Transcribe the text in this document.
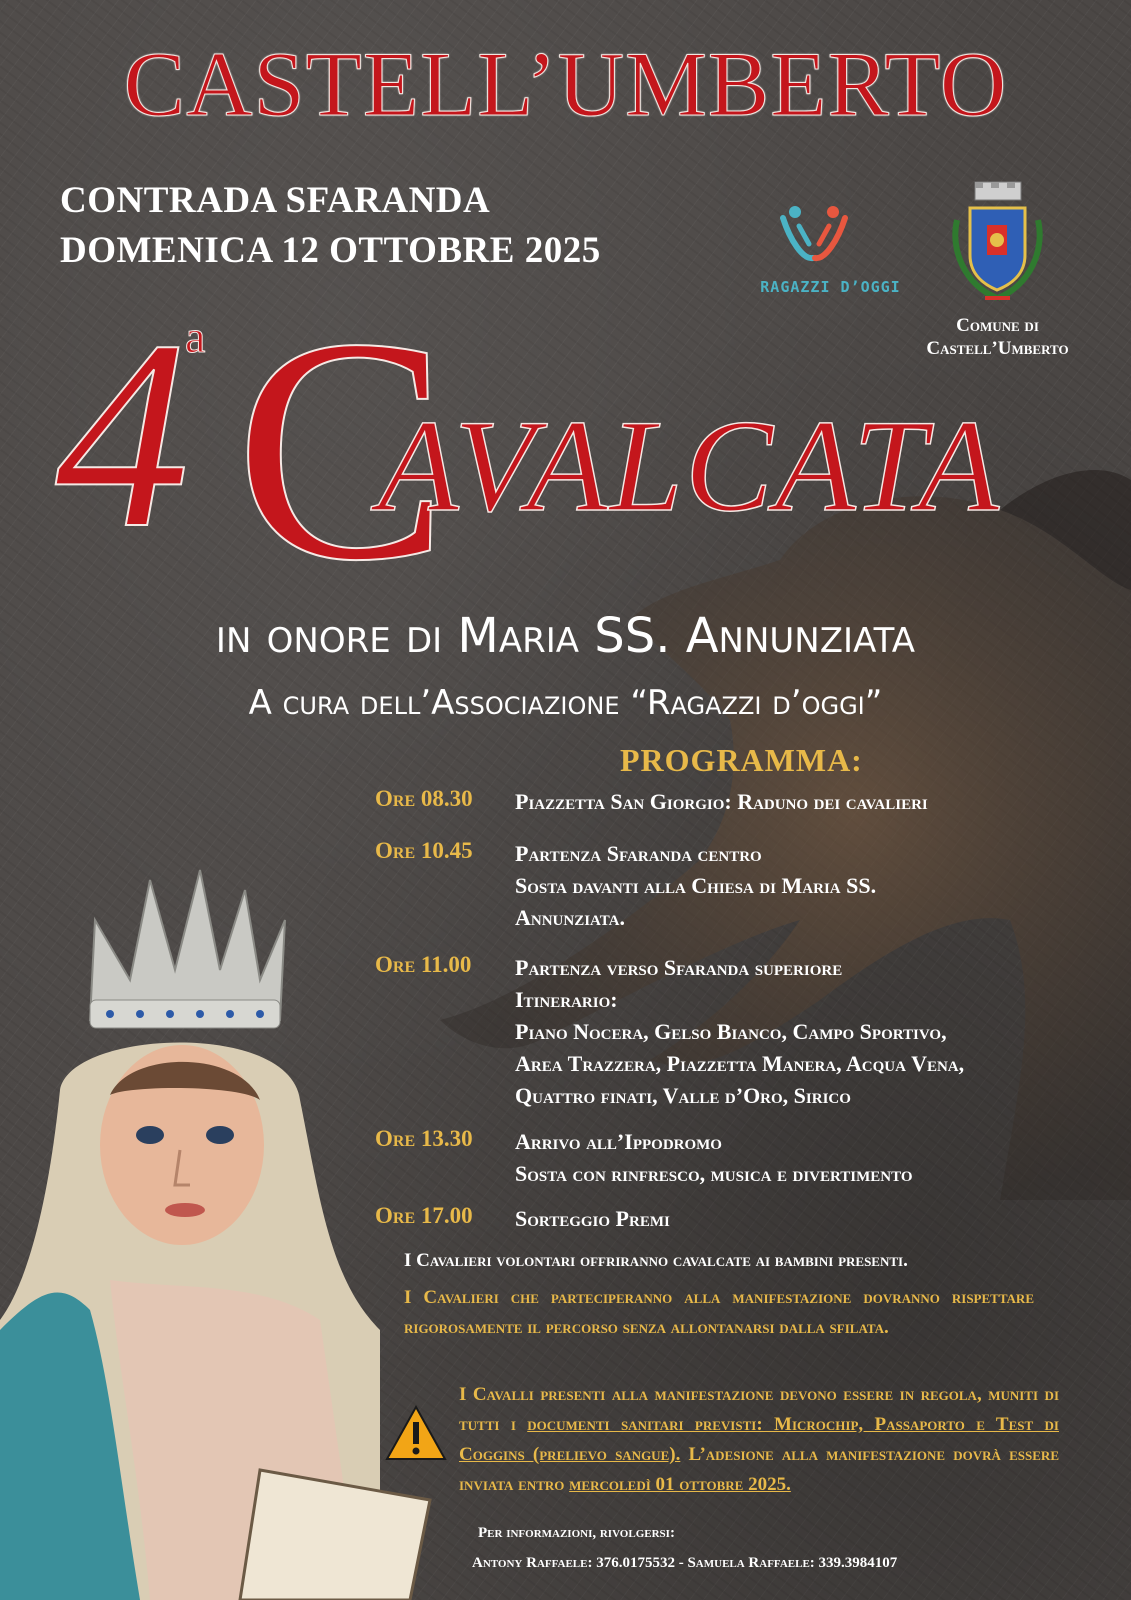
CASTELL’UMBERTO
CONTRADA SFARANDA
DOMENICA 12 OTTOBRE 2025
RAGAZZI D’OGGI
Comune di
Castell’Umberto
4
a C
AVALCATA
in onore di Maria SS. Annunziata
A cura dell’Associazione “Ragazzi d’oggi”
PROGRAMMA:
Ore 08.30	Piazzetta San Giorgio: Raduno dei cavalieri
Ore 10.45	Partenza Sfaranda centro
Sosta davanti alla Chiesa di Maria SS.
Annunziata.
Ore 11.00	Partenza verso Sfaranda superiore
Itinerario:
Piano Nocera, Gelso Bianco, Campo Sportivo,
Area Trazzera, Piazzetta Manera, Acqua Vena,
Quattro finati, Valle d’Oro, Sirico
Ore 13.30	Arrivo all’Ippodromo
Sosta con rinfresco, musica e divertimento
Ore 17.00	Sorteggio Premi
I Cavalieri volontari offriranno cavalcate ai bambini presenti.
I Cavalieri che parteciperanno alla manifestazione dovranno rispettare rigorosamente il percorso senza allontanarsi dalla sfilata.
I Cavalli presenti alla manifestazione devono essere in regola, muniti di tutti i documenti sanitari previsti: Microchip, Passaporto e Test di Coggins (prelievo sangue). L’adesione alla manifestazione dovrà essere inviata entro mercoledì 01 ottobre 2025.
Per informazioni, rivolgersi:
Antony Raffaele: 376.0175532 - Samuela Raffaele: 339.3984107
